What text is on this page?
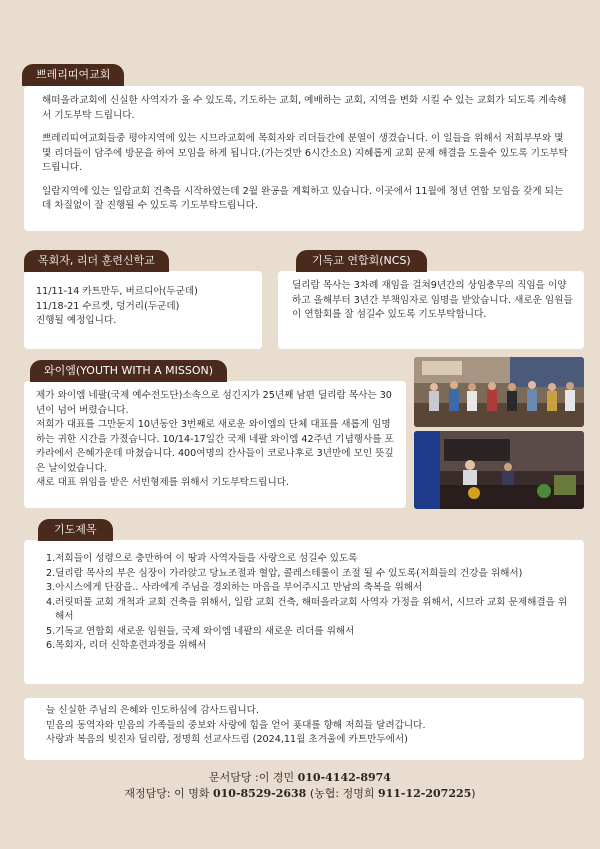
쁘레리띠여교회

해떠올라교회에 신실한 사역자가 올 수 있도록, 기도하는 교회, 예배하는 교회, 지역을 변화 시킬 수 있는 교회가 되도록 계속해서 기도부탁 드립니다.

쁘레리띠여교회들중 평야지역에 있는 시므라교회에 목회자와 리더들간에 분열이 생겼습니다. 이 일들을 위해서 저희부부와 몇몇 리더들이 담주에 방문을 하여 모임을 하게 됩니다.(가는것만 6시간소요) 지혜롭게 교회 문제 해결을 도울수 있도록 기도부탁드립니다.

일람지역에 있는 일람교회 건축을 시작하였는데 2월 완공을 계획하고 있습니다. 이곳에서 11월에 청년 연합 모임을 갖게 되는데 차질없이 잘 진행될 수 있도록 기도부탁드립니다.

목회자, 리더 훈련신학교
11/11-14 카트만두, 버르디아(두군데)
11/18-21 수르켓, 덩거리(두군데)
진행될 예정입니다.
기독교 연합회(NCS)

딜리람 목사는 3차례 재임을 걸쳐9년간의 상임총무의 직임을 이양하고 올해부터 3년간 부책임자로 임명을 받았습니다. 새로운 임원들이 연합회를 잘 섬길수 있도록 기도부탁합니다.

와이엠(YOUTH WITH A MISSON)

제가 와이엠 네팔(국제 예수전도단)소속으로 섬긴지가 25년째 남편 딜리람 목사는 30년이 넘어 버렸습니다.

저희가 대표를 그만둔지 10년동안 3번째로 새로운 와이엠의 단체 대표를 새롭게 임명하는 귀한 시간을 가졌습니다. 10/14-17일간 국제 네팔 와이엠 42주년 기념행사를 포카라에서 은혜가운데 마쳤습니다. 400여명의 간사들이 코로나후로 3년만에 모인 뜻깊은 날이었습니다.

새로 대표 위임을 받은 서빈형제를 위해서 기도부탁드립니다.

기도제목
1.저희들이 성령으로 충만하여 이 땅과 사역자들을 사랑으로 섬길수 있도록
2.딜리람 목사의 부은 심장이 가라앉고 당뇨조절과 혈압, 콜레스테롤이 조절 될 수 있도록(저희들의 건강을 위해서)
3.아시스에게 단잠을.. 사라에게 주님을 경외하는 마음을 부어주시고 만남의 축복을 위해서
4.러릿떠풀 교회 개척과 교회 건축을 위해서, 일람 교회 건축, 해떠올라교회 사역자 가정을 위해서, 시므라 교회 문제해결을 위해서
5.기독교 연합회 새로운 임원들, 국제 와이엠 네팔의 새로운 리더를 위해서
6.목회자, 리더 신학훈련과정을 위해서
늘 신실한 주님의 은혜와 인도하심에 감사드립니다.
믿음의 동역자와 믿음의 가족들의 중보와 사랑에 힘을 얻어 푯대를 향해 저희들 달려갑니다.
사랑과 복음의 빚진자 딜리람, 정명희 선교사드림 (2024,11월 초겨울에 카트만두에서)
문서담당 :이 경민 010-4142-8974
재정담당: 이 명화 010-8529-2638 (농협: 정명희 911-12-207225)
